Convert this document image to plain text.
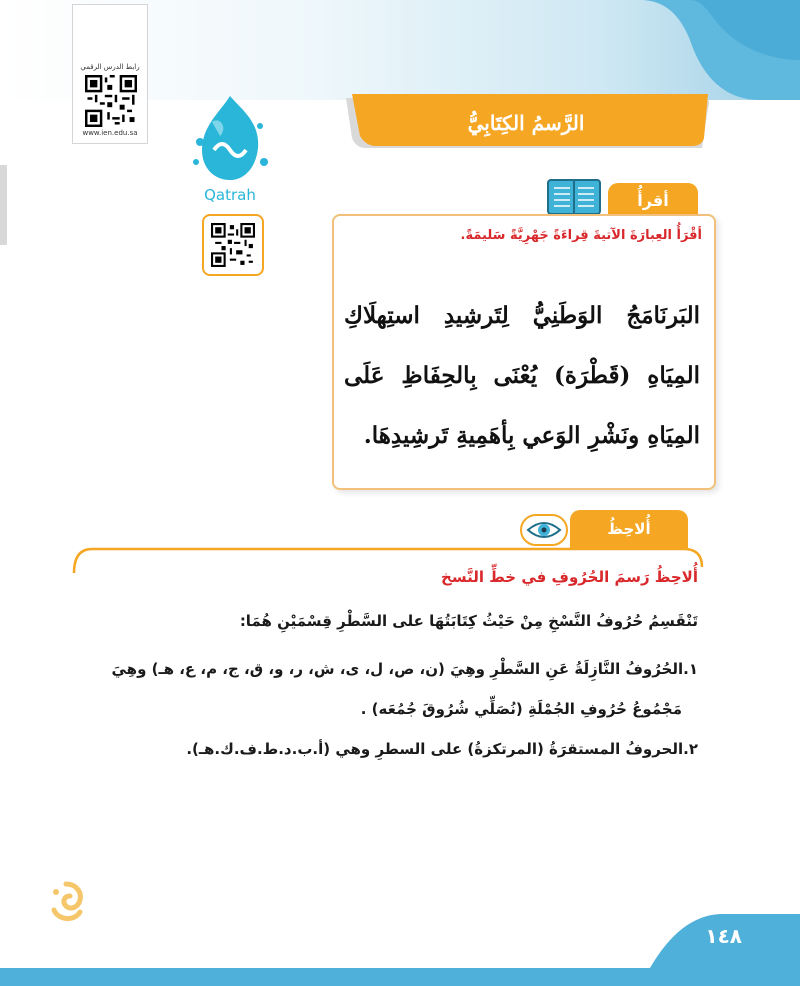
رابط الدرس الرقمي
www.ien.edu.sa
Qatrah
الرَّسمُ الكِتَابِيُّ
أقرأُ
أقْرَأُ العِبارَةَ الآتيةَ قِراءَةً جَهْرِيَّةً سَليمَةً.
البَرنَامَجُ الوَطَنِيُّ لِتَرشِيدِ استِهلَاكِ المِيَاهِ (قَطْرَة) يُعْنَى بِالحِفَاظِ عَلَى المِيَاهِ ونَشْرِ الوَعي بِأهَمِيةِ تَرشِيدِهَا.
أُلاحِظُ
أُلاحِظُ رَسمَ الحُرُوفِ في خطِّ النَّسخ
تَنْقَسِمُ حُرُوفُ النَّسْخِ مِنْ حَيْثُ كِتَابَتُهَا على السَّطْرِ قِسْمَيْنِ هُمَا:
١.الحُرُوفُ النَّازِلَةُ عَنِ السَّطْرِ وهِيَ (ن، ص، ل، ى، ش، ر، و، ق، ج، م، ع، هـ) وهِيَ
مَجْمُوعُ حُرُوفِ الجُمْلَةِ (نُصَلِّي شُرُوقَ جُمُعَه) .
٢.الحروفُ المستقرَةُ (المرتكزةُ) على السطرِ وهي (أ.ب.د.ط.ف.ك.هـ).
١٤٨
